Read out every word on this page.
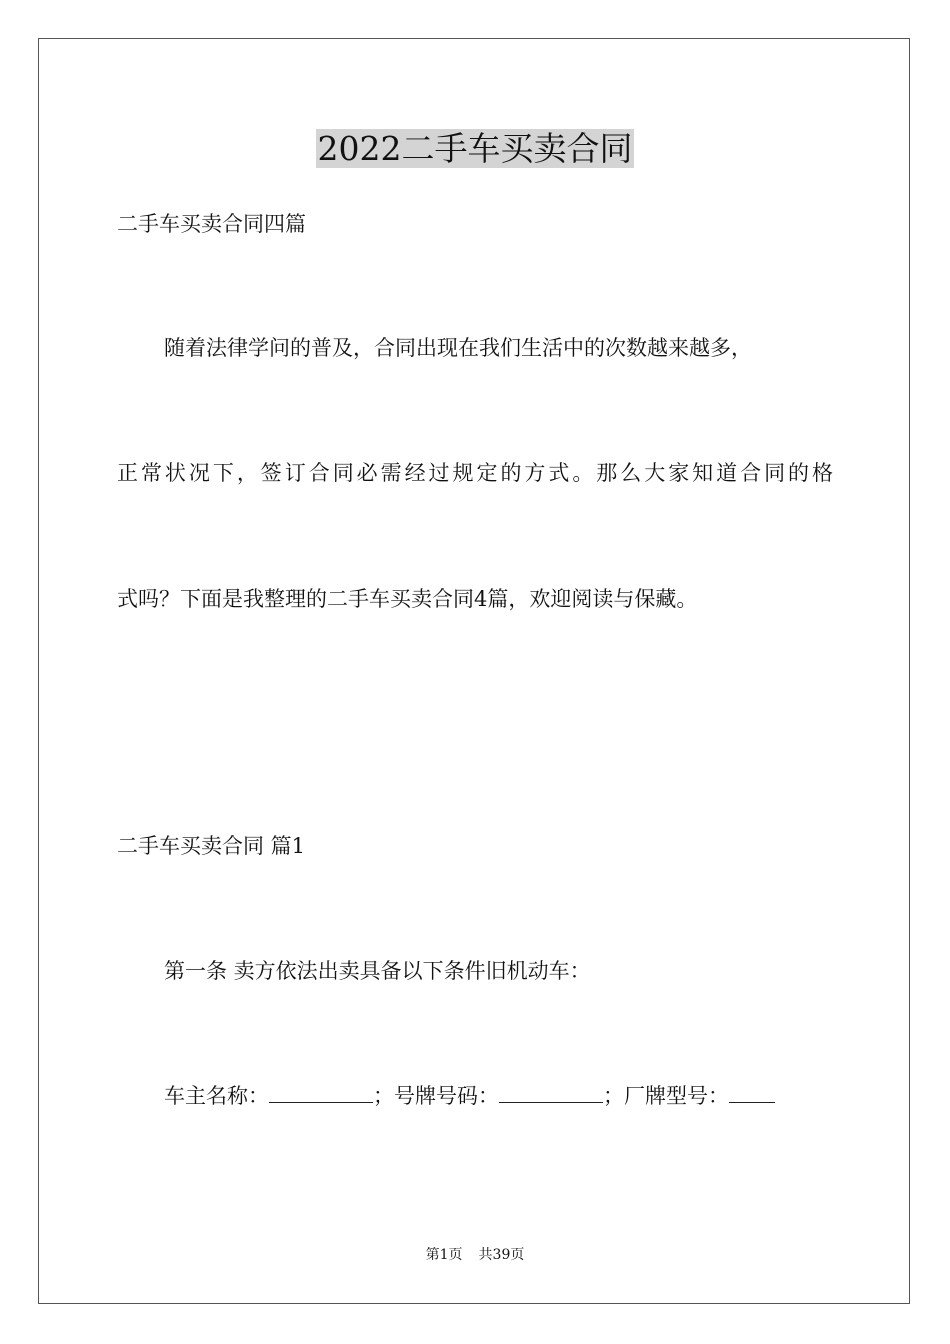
2022二手车买卖合同
二手车买卖合同四篇
随着法律学问的普及，合同出现在我们生活中的次数越来越多，
正常状况下，签订合同必需经过规定的方式。那么大家知道合同的格
式吗？下面是我整理的二手车买卖合同4篇，欢迎阅读与保藏。
二手车买卖合同 篇1
第一条 卖方依法出卖具备以下条件旧机动车：
车主名称：	；号牌号码：	；厂牌型号：
第1页 共39页
